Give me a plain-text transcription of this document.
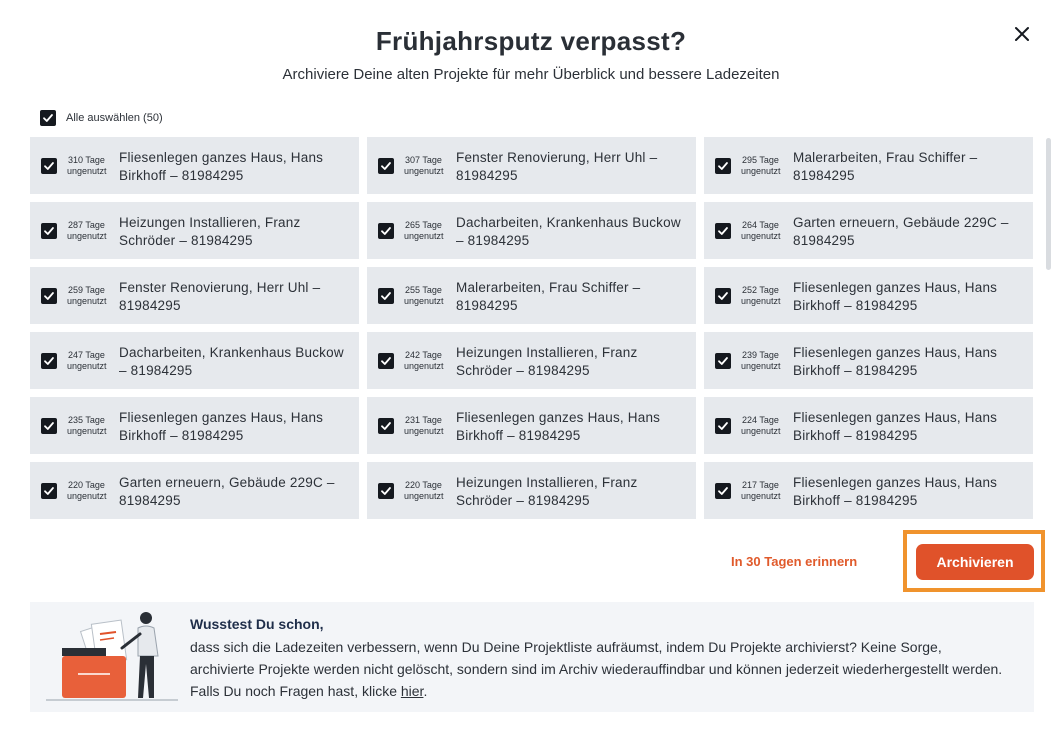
Frühjahrsputz verpasst?
Archiviere Deine alten Projekte für mehr Überblick und bessere Ladezeiten
Alle auswählen (50)
310 Tage
ungenutzt
Fliesenlegen ganzes Haus, Hans Birkhoff – 81984295
307 Tage
ungenutzt
Fenster Renovierung, Herr Uhl – 81984295
295 Tage
ungenutzt
Malerarbeiten, Frau Schiffer – 81984295
287 Tage
ungenutzt
Heizungen Installieren, Franz Schröder – 81984295
265 Tage
ungenutzt
Dacharbeiten, Krankenhaus Buckow – 81984295
264 Tage
ungenutzt
Garten erneuern, Gebäude 229C – 81984295
259 Tage
ungenutzt
Fenster Renovierung, Herr Uhl – 81984295
255 Tage
ungenutzt
Malerarbeiten, Frau Schiffer – 81984295
252 Tage
ungenutzt
Fliesenlegen ganzes Haus, Hans Birkhoff – 81984295
247 Tage
ungenutzt
Dacharbeiten, Krankenhaus Buckow – 81984295
242 Tage
ungenutzt
Heizungen Installieren, Franz Schröder – 81984295
239 Tage
ungenutzt
Fliesenlegen ganzes Haus, Hans Birkhoff – 81984295
235 Tage
ungenutzt
Fliesenlegen ganzes Haus, Hans Birkhoff – 81984295
231 Tage
ungenutzt
Fliesenlegen ganzes Haus, Hans Birkhoff – 81984295
224 Tage
ungenutzt
Fliesenlegen ganzes Haus, Hans Birkhoff – 81984295
220 Tage
ungenutzt
Garten erneuern, Gebäude 229C – 81984295
220 Tage
ungenutzt
Heizungen Installieren, Franz Schröder – 81984295
217 Tage
ungenutzt
Fliesenlegen ganzes Haus, Hans Birkhoff – 81984295
In 30 Tagen erinnern	Archivieren
Wusstest Du schon,
dass sich die Ladezeiten verbessern, wenn Du Deine Projektliste aufräumst, indem Du Projekte archivierst? Keine Sorge, archivierte Projekte werden nicht gelöscht, sondern sind im Archiv wiederauffindbar und können jederzeit wiederhergestellt werden. Falls Du noch Fragen hast, klicke hier.
